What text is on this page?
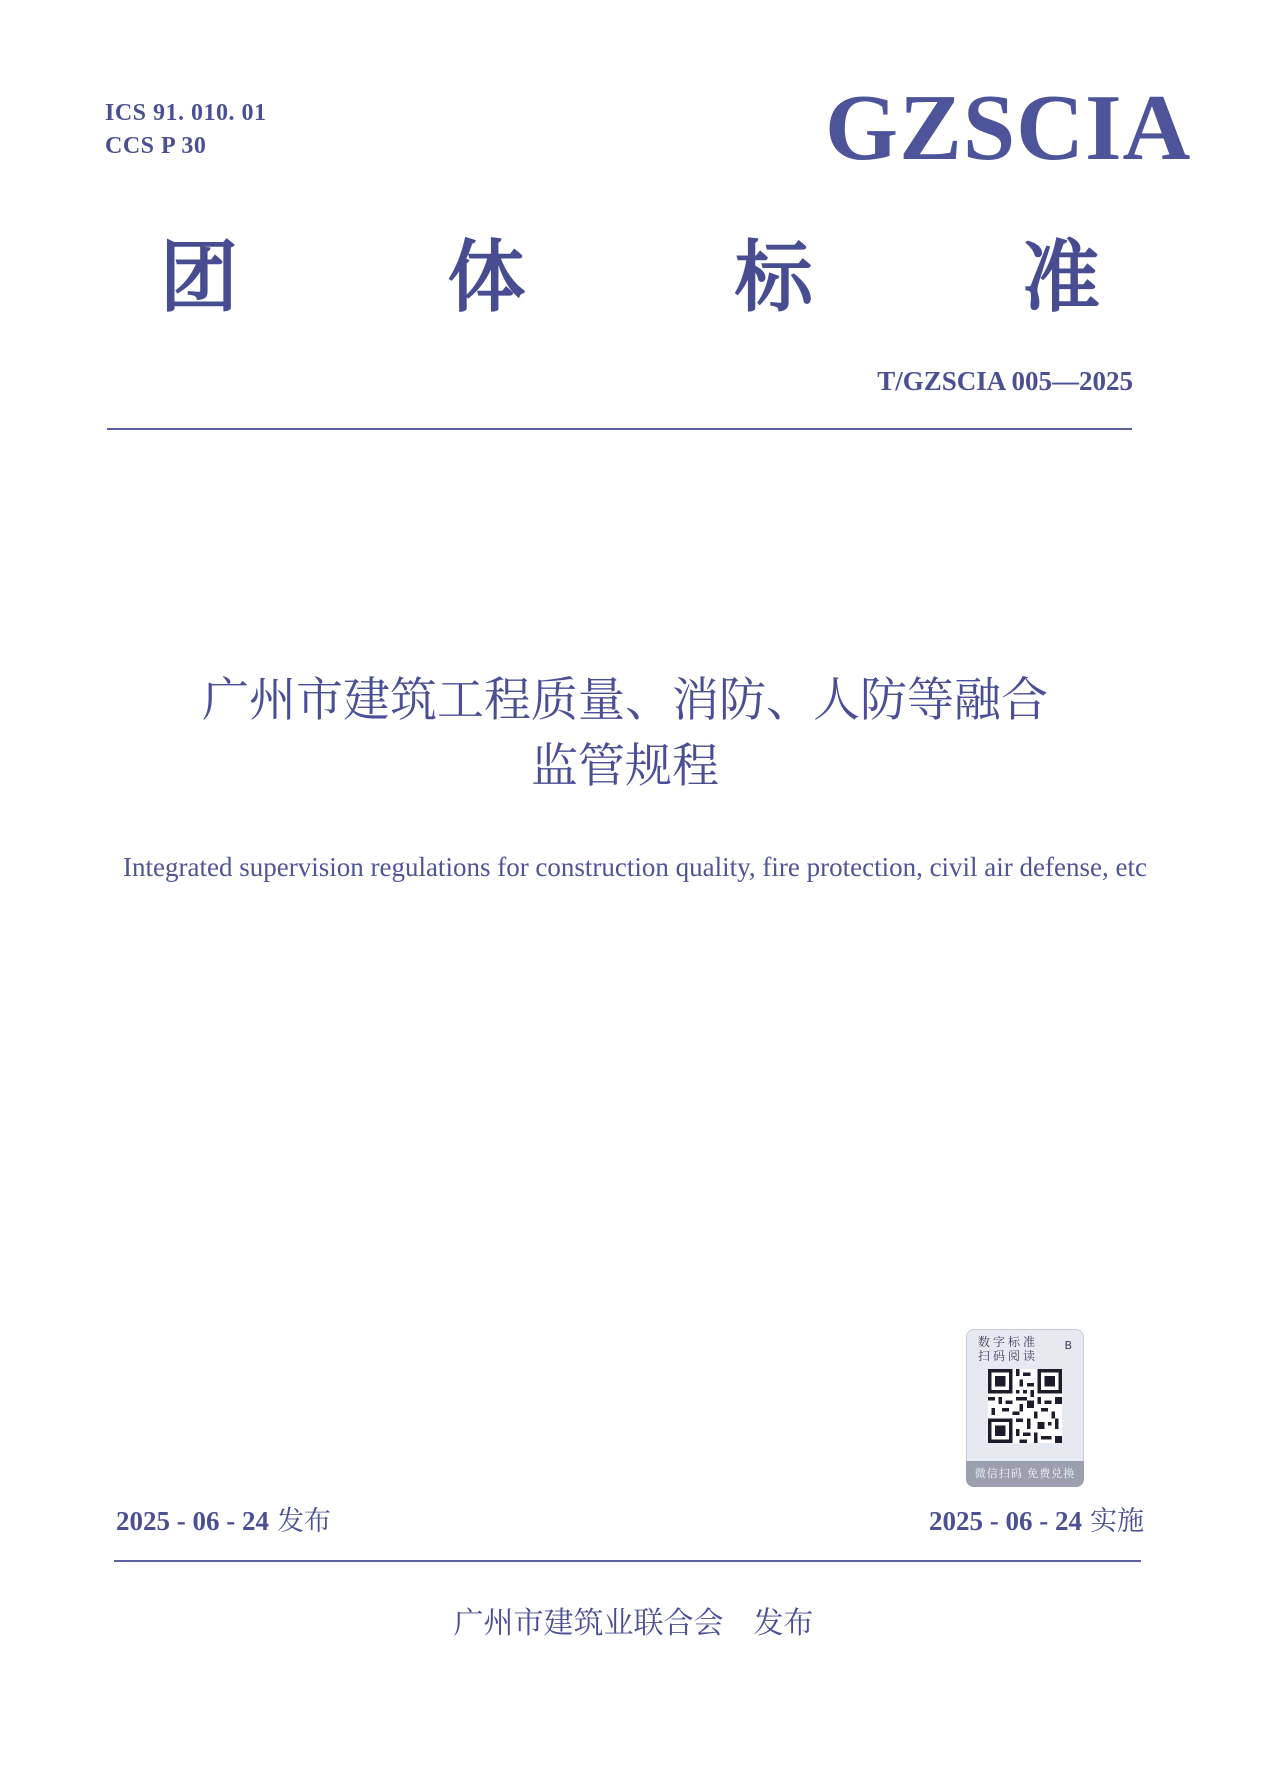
ICS 91. 010. 01
CCS P 30	GZSCIA
团	体	标	准
T/GZSCIA 005—2025
广州市建筑工程质量、消防、人防等融合
监管规程
Integrated supervision regulations for construction quality, fire protection, civil air defense, etc
数字标准
扫码阅读
B
微信扫码 免费兑换
2025 - 06 - 24 发布	2025 - 06 - 24 实施
广州市建筑业联合会 发布
